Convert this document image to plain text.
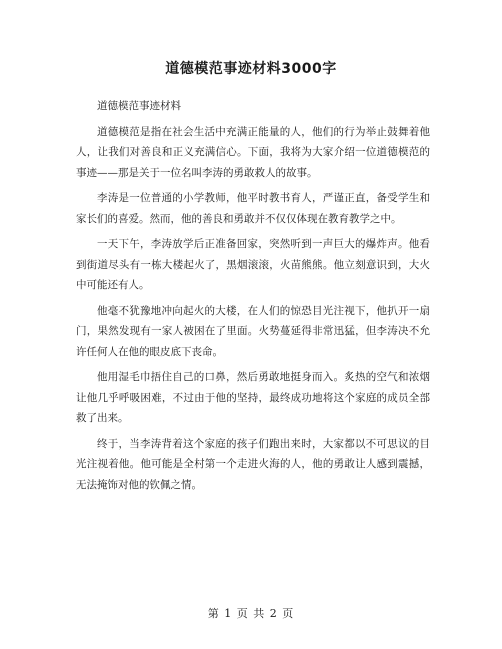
道德模范事迹材料3000字

道德模范事迹材料

道德模范是指在社会生活中充满正能量的人，他们的行为举止鼓舞着他人，让我们对善良和正义充满信心。下面，我将为大家介绍一位道德模范的事迹——那是关于一位名叫李涛的勇敢救人的故事。

李涛是一位普通的小学教师，他平时教书育人，严谨正直，备受学生和家长们的喜爱。然而，他的善良和勇敢并不仅仅体现在教育教学之中。

一天下午，李涛放学后正准备回家，突然听到一声巨大的爆炸声。他看到街道尽头有一栋大楼起火了，黑烟滚滚，火苗熊熊。他立刻意识到，大火中可能还有人。

他毫不犹豫地冲向起火的大楼，在人们的惊恐目光注视下，他扒开一扇门，果然发现有一家人被困在了里面。火势蔓延得非常迅猛，但李涛决不允许任何人在他的眼皮底下丧命。

他用湿毛巾捂住自己的口鼻，然后勇敢地挺身而入。炙热的空气和浓烟让他几乎呼吸困难，不过由于他的坚持，最终成功地将这个家庭的成员全部救了出来。

终于，当李涛背着这个家庭的孩子们跑出来时，大家都以不可思议的目光注视着他。他可能是全村第一个走进火海的人，他的勇敢让人感到震撼，无法掩饰对他的钦佩之情。

第 1 页 共 2 页
